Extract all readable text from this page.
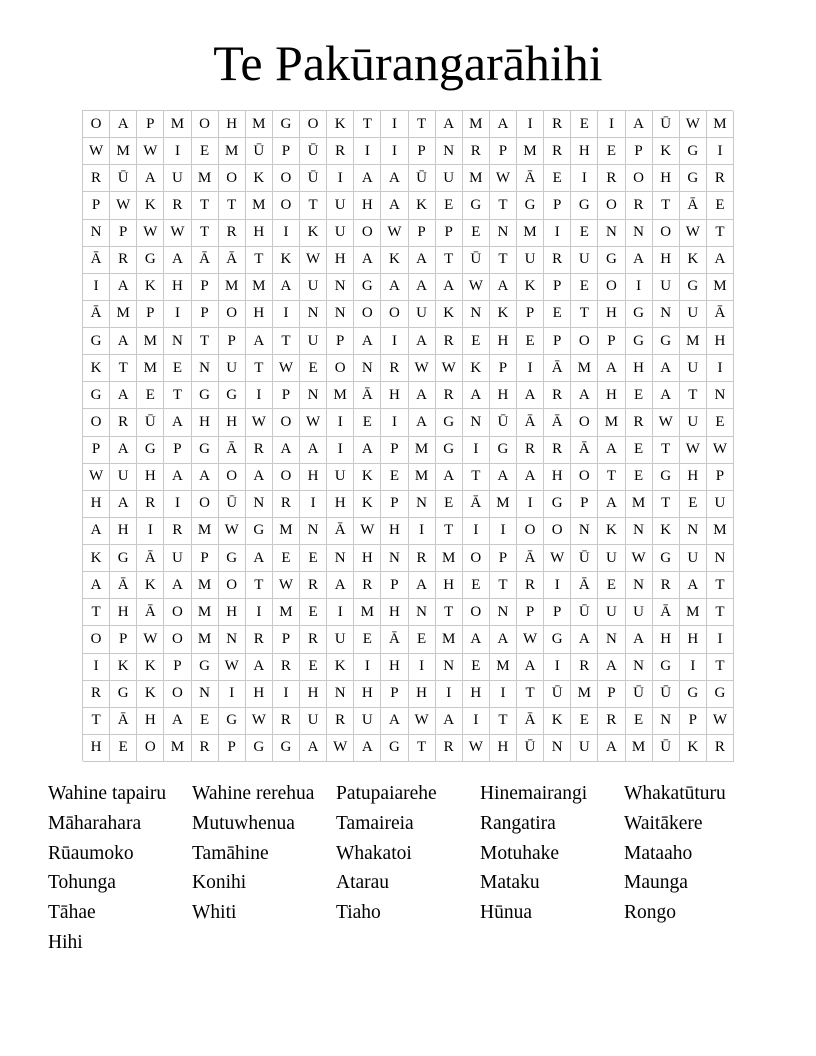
Te Pakūrangarāhihi
O	A	P	M	O	H	M	G	O	K	T	I	T	A	M	A	I	R	E	I	A	Ū W M
W M W	I	E	M	Ū	P	Ū	R	I	I	P	N	R	P	M	R	H	E	P	K	G	I
R	Ū	A	U	M	O	K	O	Ū	I	A	A	Ū	U	M W Ā	E	I	R	O	H	G	R
P	W K	R	T	T	M	O	T	U	H	A	K	E	G	T	G	P	G	O	R	T	Ā	E
N	P	W W	T	R	H	I	K	U	O W	P	P	E	N	M	I	E	N	N	O W	T
Ā	R	G	A	Ā	Ā	T	K W H	A	K	A	T	Ū	T	U	R	U	G	A	H	K	A
I	A	K	H	P	M M	A	U	N	G	A	A	A W A	K	P	E	O	I	U	G	M
Ā	M	P	I	P	O	H	I	N	N	O	O	U	K	N	K	P	E	T	H	G	N	U	Ā
G	A	M	N	T	P	A	T	U	P	A	I	A	R	E	H	E	P	O	P	G	G	M	H
K	T	M	E	N	U	T	W	E	O	N	R	W W K	P	I	Ā	M	A	H	A	U	I
G	A	E	T	G	G	I	P	N	M	Ā	H	A	R	A	H	A	R	A	H	E	A	T	N
O	R	Ū	A	H	H W O W	I	E	I	A	G	N	Ū	Ā	Ā	O	M	R	W U	E
P	A	G	P	G	Ā	R	A	A	I	A	P	M	G	I	G	R	R	Ā	A	E	T	W W
W U	H	A	A	O	A	O	H	U	K	E	M	A	T	A	A	H	O	T	E	G	H	P
H	A	R	I	O	Ū	N	R	I	H	K	P	N	E	Ā	M	I	G	P	A	M	T	E	U
A	H	I	R	M W G	M	N	Ā W H	I	T	I	I	O	O	N	K	N	K	N	M
K	G	Ā	U	P	G	A	E	E	N	H	N	R	M	O	P	Ā W Ū	U W G	U	N
A	Ā	K	A	M	O	T	W	R	A	R	P	A	H	E	T	R	I	Ā	E	N	R	A	T
T	H	Ā	O	M	H	I	M	E	I	M	H	N	T	O	N	P	P	Ū	U	U	Ā	M	T
O	P	W O	M	N	R	P	R	U	E	Ā	E	M	A	A W G	A	N	A	H	H	I
I	K	K	P	G W A	R	E	K	I	H	I	N	E	M	A	I	R	A	N	G	I	T
R	G	K	O	N	I	H	I	H	N	H	P	H	I	H	I	T	Ū	M	P	Ū	Ū	G	G
T	Ā	H	A	E	G W	R	U	R	U	A W A	I	T	Ā	K	E	R	E	N	P	W
H	E	O	M	R	P	G	G	A W A	G	T	R	W H	Ū	N	U	A	M	Ū	K	R
Wahine tapairu	Wahine rerehua	Patupaiarehe	Hinemairangi	Whakatūturu
Māharahara	Mutuwhenua	Tamaireia	Rangatira	Waitākere
Rūaumoko	Tamāhine	Whakatoi	Motuhake	Mataaho
Tohunga	Konihi	Atarau	Mataku	Maunga
Tāhae	Whiti	Tiaho	Hūnua	Rongo
Hihi
